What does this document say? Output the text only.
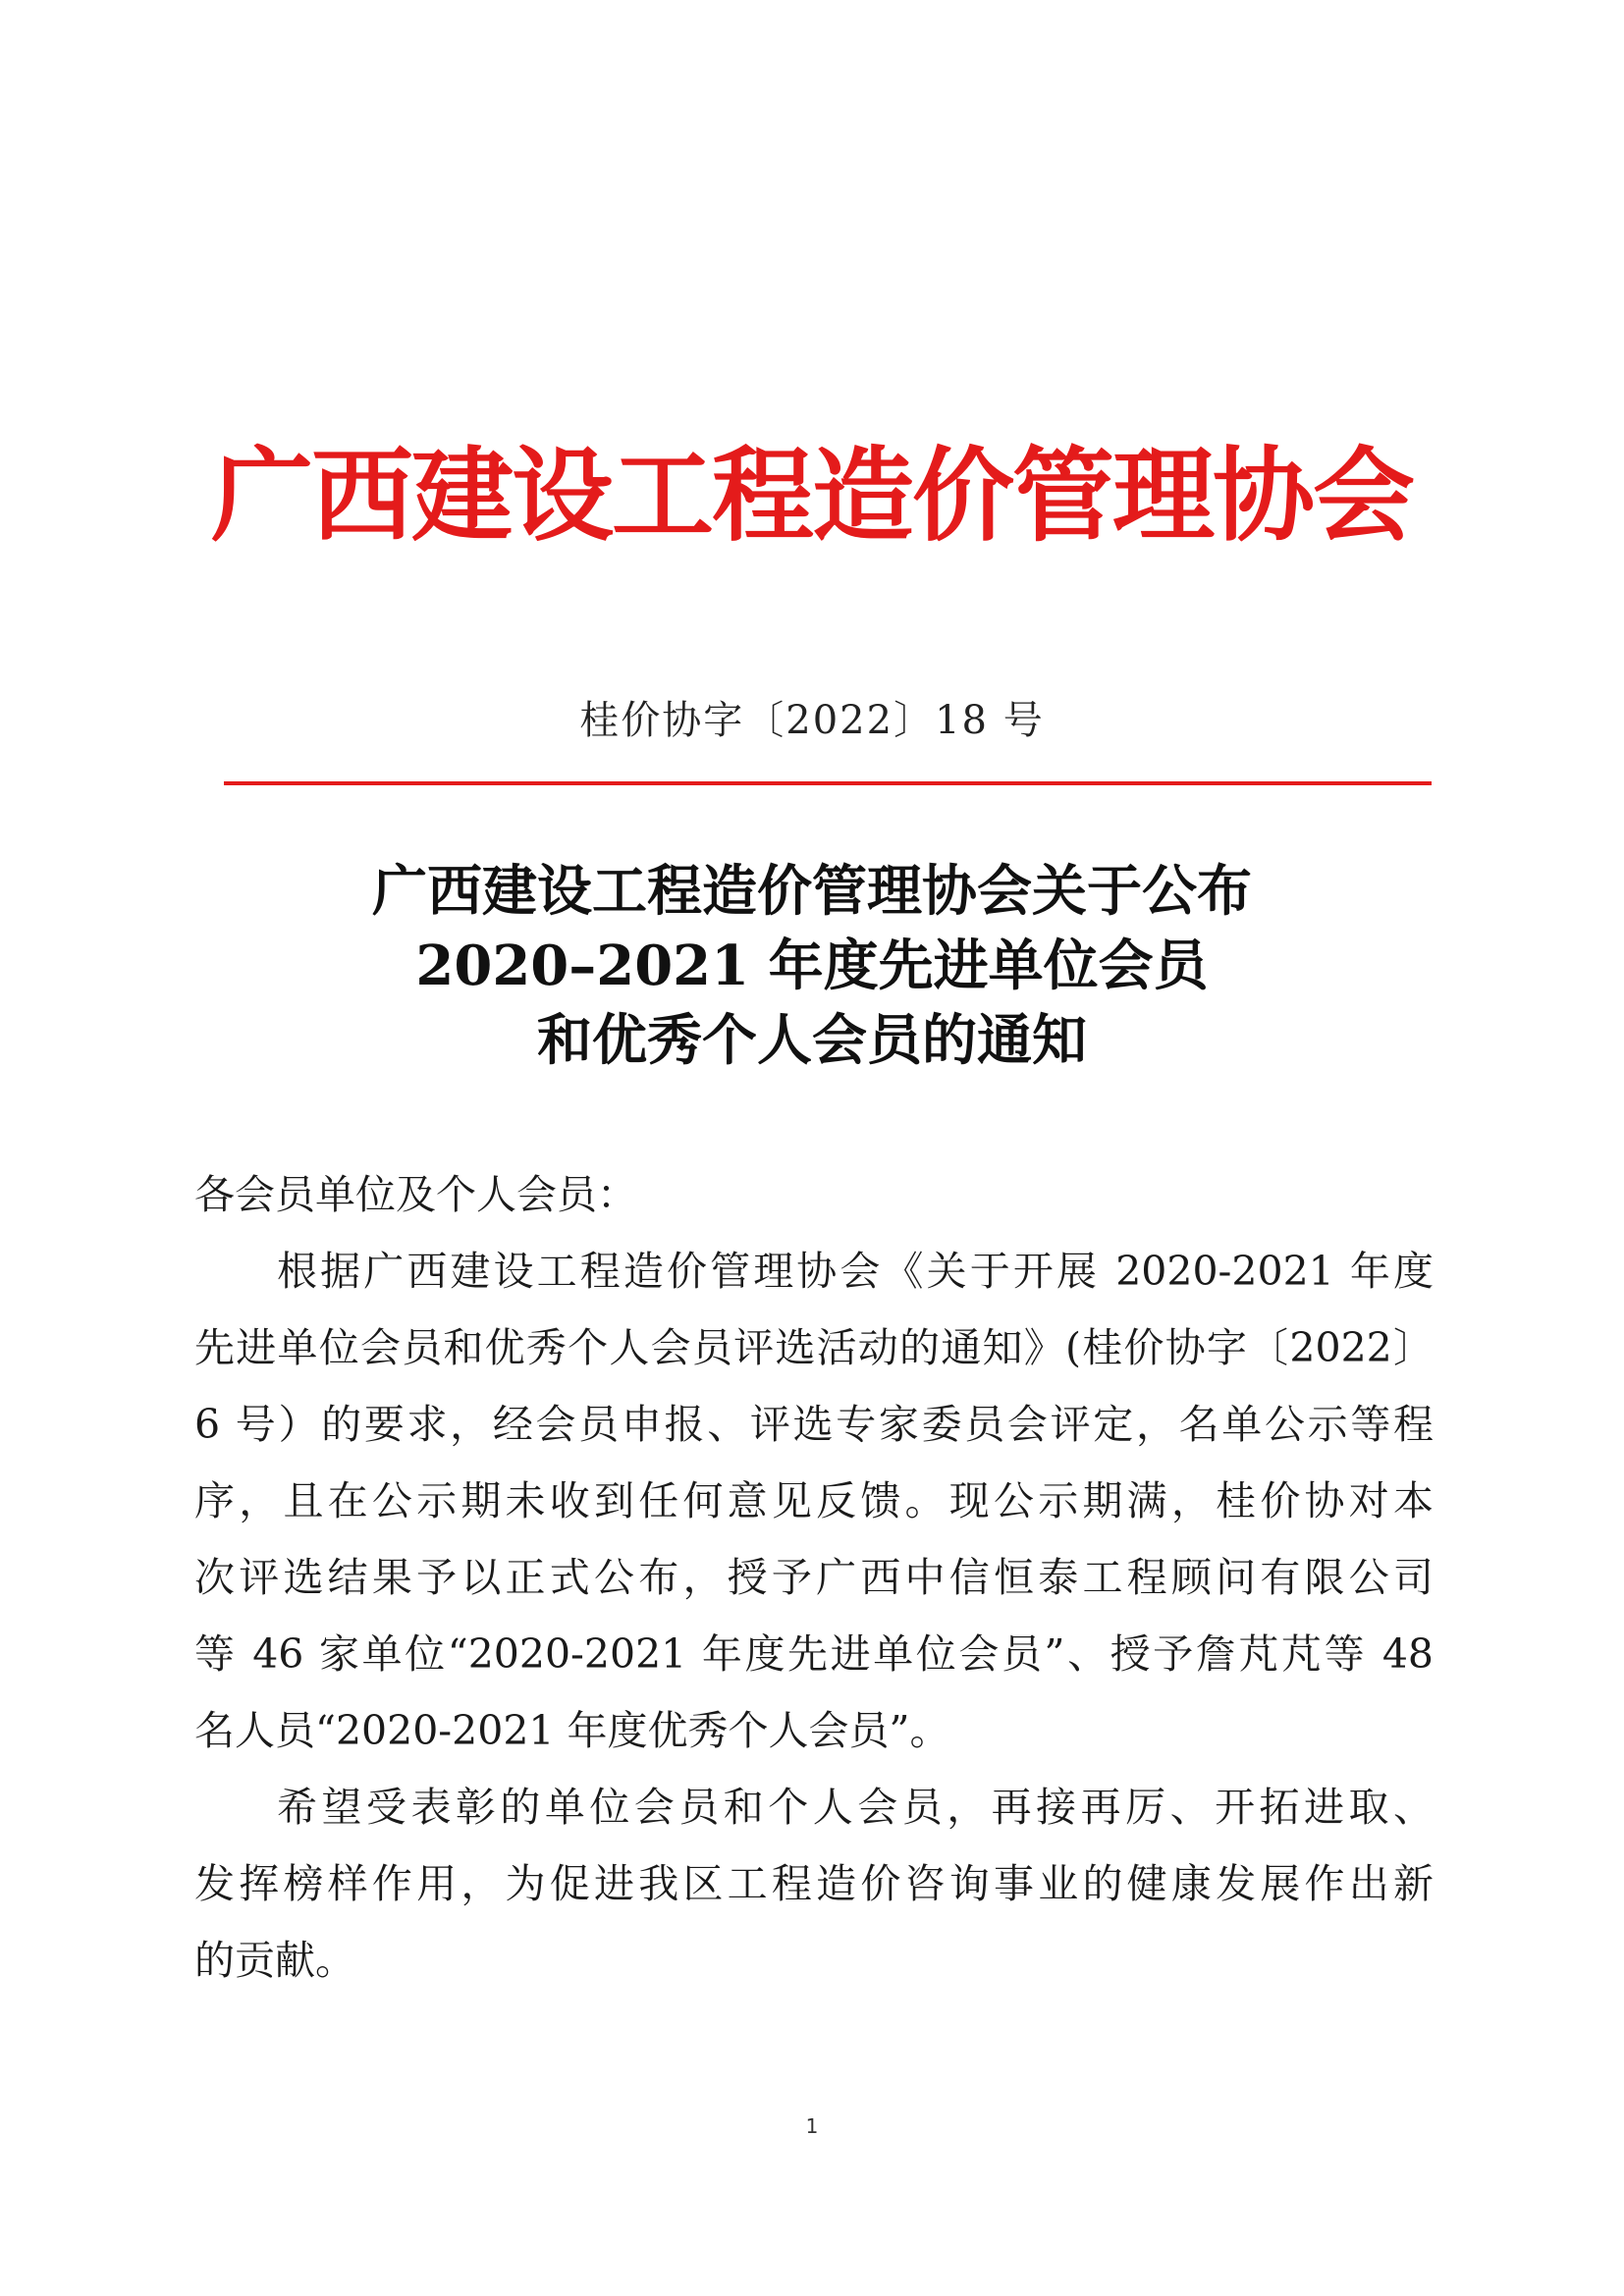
广西建设工程造价管理协会
桂价协字〔2022〕18 号
广西建设工程造价管理协会关于公布
2020–2021 年度先进单位会员
和优秀个人会员的通知
各会员单位及个人会员：
根据广西建设工程造价管理协会《关于开展 2020-2021 年度
先进单位会员和优秀个人会员评选活动的通知》(桂价协字〔2022〕
6 号）的要求，经会员申报、评选专家委员会评定，名单公示等程
序，且在公示期未收到任何意见反馈。现公示期满，桂价协对本
次评选结果予以正式公布，授予广西中信恒泰工程顾问有限公司
等 46 家单位“2020-2021 年度先进单位会员”、授予詹芃芃等 48
名人员“2020-2021 年度优秀个人会员”。
希望受表彰的单位会员和个人会员，再接再厉、开拓进取、
发挥榜样作用，为促进我区工程造价咨询事业的健康发展作出新
的贡献。
1
